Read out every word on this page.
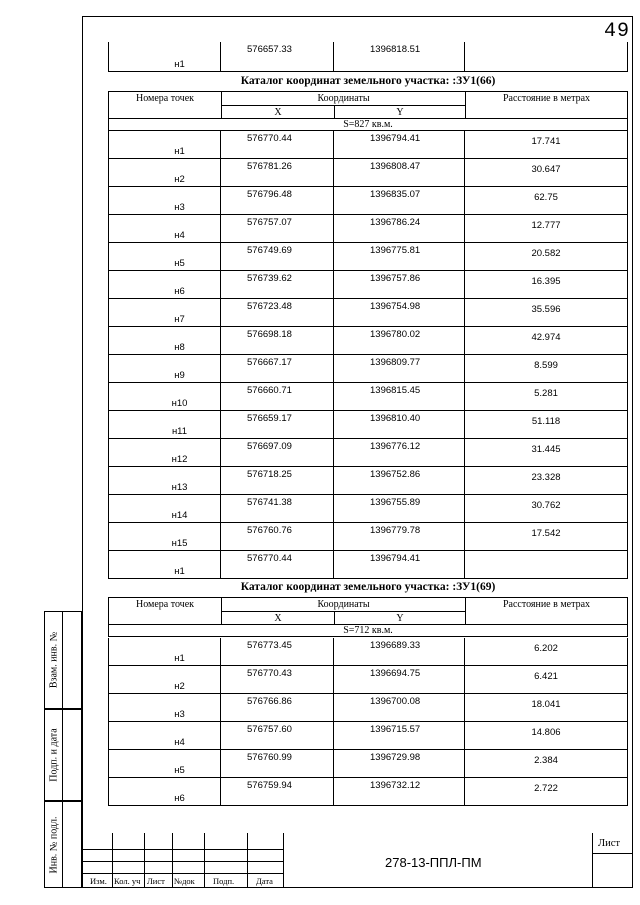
49
Взам. инв. №
Подп. и дата
Инв. № подл.
н1
576657.33	1396818.51
Каталог координат земельного участка: :ЗУ1(66)
Номера точек	Координаты
X	Y
Расстояние в метрах
S=827 кв.м.
н1
576770.44	1396794.41	17.741
н2
576781.26	1396808.47	30.647
н3
576796.48	1396835.07	62.75
н4
576757.07	1396786.24	12.777
н5
576749.69	1396775.81	20.582
н6
576739.62	1396757.86	16.395
н7
576723.48	1396754.98	35.596
н8
576698.18	1396780.02	42.974
н9
576667.17	1396809.77	8.599
н10
576660.71	1396815.45	5.281
н11
576659.17	1396810.40	51.118
н12
576697.09	1396776.12	31.445
н13
576718.25	1396752.86	23.328
н14
576741.38	1396755.89	30.762
н15
576760.76	1396779.78	17.542
н1
576770.44	1396794.41
Каталог координат земельного участка: :ЗУ1(69)
Номера точек	Координаты
X	Y
Расстояние в метрах
S=712 кв.м.
н1
576773.45	1396689.33	6.202
н2
576770.43	1396694.75	6.421
н3
576766.86	1396700.08	18.041
н4
576757.60	1396715.57	14.806
н5
576760.99	1396729.98	2.384
н6
576759.94	1396732.12	2.722
Изм. Кол. уч Лист №док Подп.	Дата
278-13-ППЛ-ПМ
Лист
